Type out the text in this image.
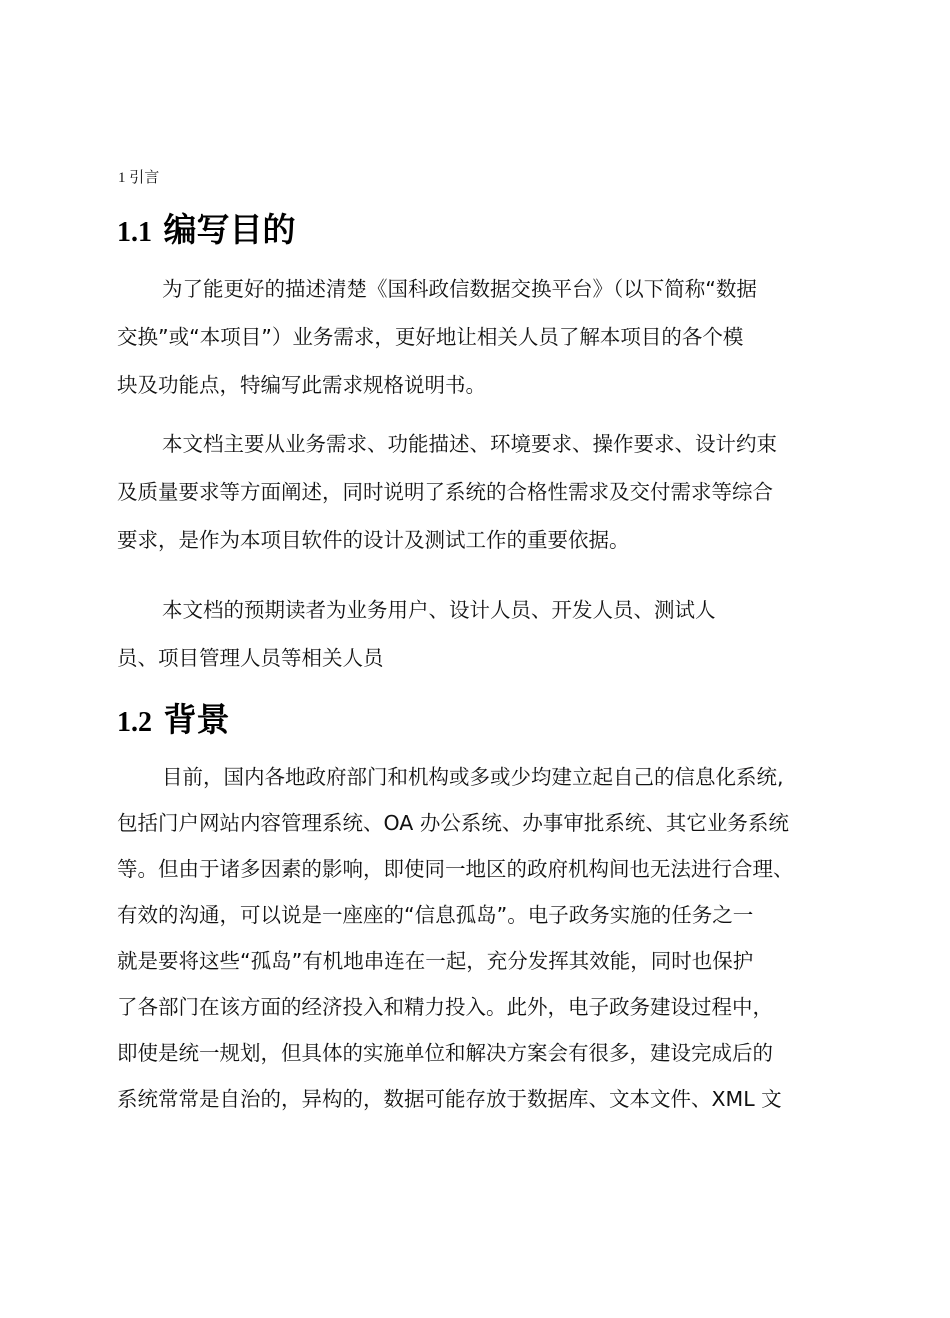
1 引言
1.1 编写目的

为了能更好的描述清楚《国科政信数据交换平台》（以下简称“数据
交换”或“本项目”）业务需求，更好地让相关人员了解本项目的各个模
块及功能点，特编写此需求规格说明书。

本文档主要从业务需求、功能描述、环境要求、操作要求、设计约束
及质量要求等方面阐述，同时说明了系统的合格性需求及交付需求等综合
要求，是作为本项目软件的设计及测试工作的重要依据。

本文档的预期读者为业务用户、设计人员、开发人员、测试人
员、项目管理人员等相关人员

1.2 背景

目前，国内各地政府部门和机构或多或少均建立起自己的信息化系统,
包括门户网站内容管理系统、OA 办公系统、办事审批系统、其它业务系统
等。但由于诸多因素的影响，即使同一地区的政府机构间也无法进行合理、
有效的沟通，可以说是一座座的“信息孤岛”。电子政务实施的任务之一
就是要将这些“孤岛”有机地串连在一起，充分发挥其效能，同时也保护
了各部门在该方面的经济投入和精力投入。此外，电子政务建设过程中，
即使是统一规划，但具体的实施单位和解决方案会有很多，建设完成后的
系统常常是自治的，异构的，数据可能存放于数据库、文本文件、XML 文
